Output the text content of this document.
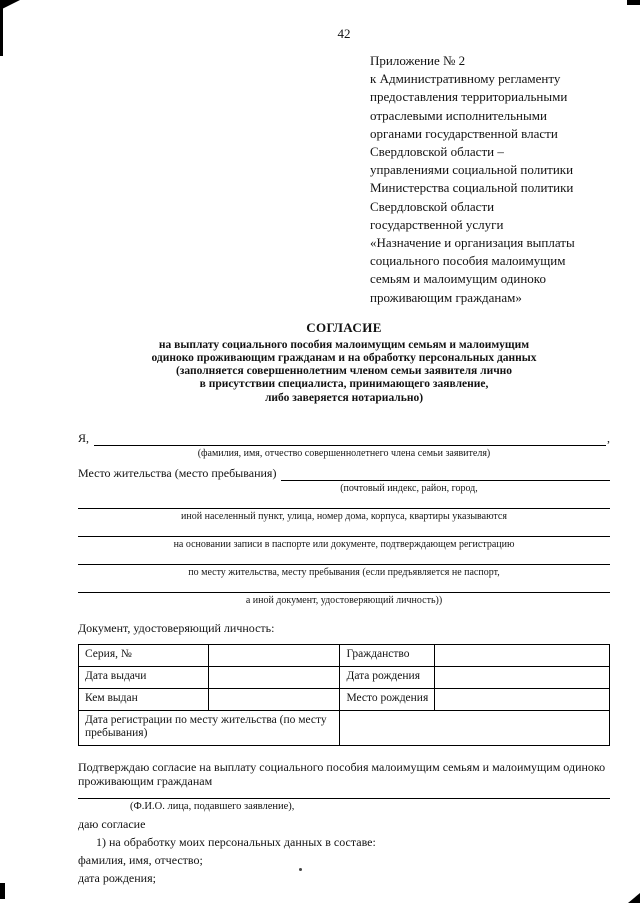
42
Приложение № 2
к Административному регламенту
предоставления территориальными
отраслевыми исполнительными
органами государственной власти
Свердловской области –
управлениями социальной политики
Министерства социальной политики
Свердловской области
государственной услуги
«Назначение и организация выплаты
социального пособия малоимущим
семьям и малоимущим одиноко
проживающим гражданам»
СОГЛАСИЕ
на выплату социального пособия малоимущим семьям и малоимущим
одиноко проживающим гражданам и на обработку персональных данных
(заполняется совершеннолетним членом семьи заявителя лично
в присутствии специалиста, принимающего заявление,
либо заверяется нотариально)
Я,	,
(фамилия, имя, отчество совершеннолетнего члена семьи заявителя)
Место жительства (место пребывания)
(почтовый индекс, район, город,
иной населенный пункт, улица, номер дома, корпуса, квартиры указываются
на основании записи в паспорте или документе, подтверждающем регистрацию
по месту жительства, месту пребывания (если предъявляется не паспорт,
а иной документ, удостоверяющий личность))
Документ, удостоверяющий личность:
Серия, №		Гражданство	
Дата выдачи		Дата рождения	
Кем выдан		Место рождения	
Дата регистрации по месту жительства (по месту пребывания)			
Подтверждаю согласие на выплату социального пособия малоимущим семьям и малоимущим одиноко проживающим гражданам
(Ф.И.О. лица, подавшего заявление),
даю согласие
1) на обработку моих персональных данных в составе:
фамилия, имя, отчество;
дата рождения;
